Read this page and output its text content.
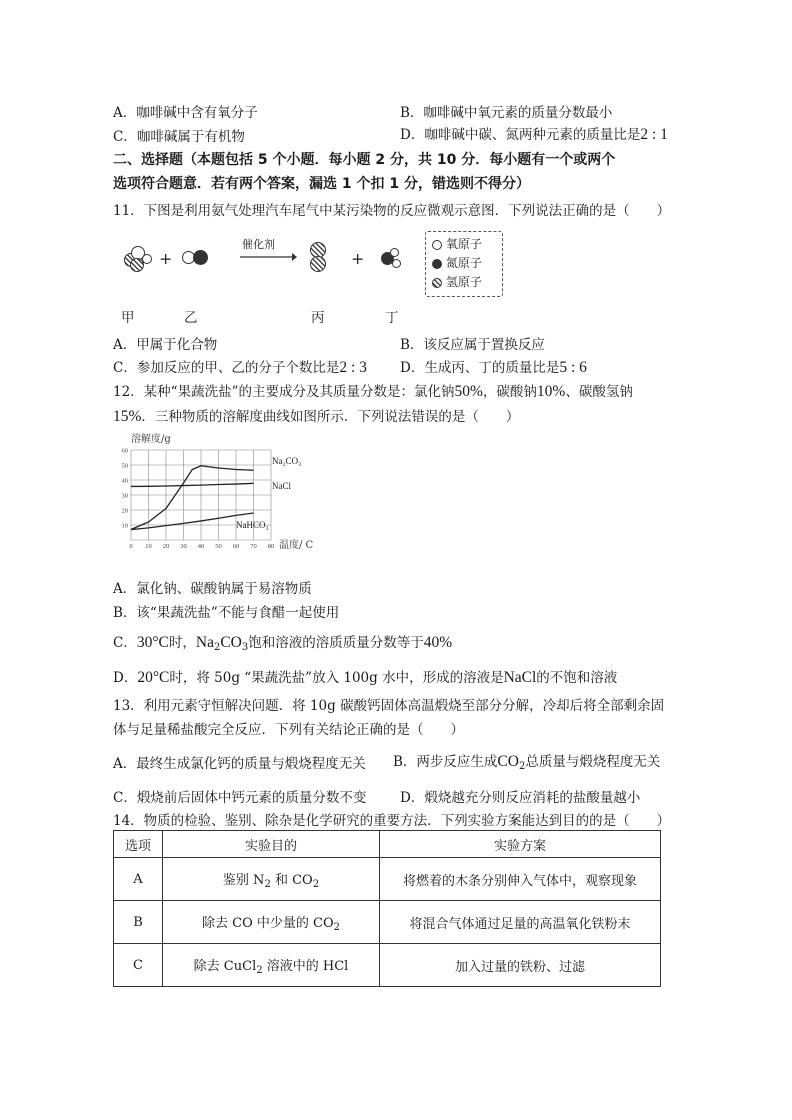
A．咖啡碱中含有氧分子	B．咖啡碱中氧元素的质量分数最小
C．咖啡碱属于有机物	D．咖啡碱中碳、氮两种元素的质量比是2 : 1
二、选择题（本题包括 5 个小题．每小题 2 分，共 10 分．每小题有一个或两个
选项符合题意．若有两个答案，漏选 1 个扣 1 分，错选则不得分）
11．下图是利用氨气处理汽车尾气中某污染物的反应微观示意图．下列说法正确的是（　　）
+
催化剂
+
氧原子
氮原子
氢原子
甲	乙	丙	丁
A．甲属于化合物	B．该反应属于置换反应
C．参加反应的甲、乙的分子个数比是2 : 3 D．生成丙、丁的质量比是5 : 6
12．某种“果蔬洗盐”的主要成分及其质量分数是：氯化钠50%，碳酸钠10%、碳酸氢钠
15%．三种物质的溶解度曲线如图所示．下列说法错误的是（　　）
溶解度/g
温度/ C
0 10 20 30 40 50 60 70 80
10
20
30
40
50
60
Na₂CO₃
NaCl
NaHCO₃
A．氯化钠、碳酸钠属于易溶物质
B．该“果蔬洗盐”不能与食醋一起使用
C．30°C时，$Na_2CO_3$饱和溶液的溶质质量分数等于40%
D．20°C时，将 50g “果蔬洗盐”放入 100g 水中，形成的溶液是NaCl的不饱和溶液
13．利用元素守恒解决问题．将 10g 碳酸钙固体高温煅烧至部分分解，冷却后将全部剩余固
体与足量稀盐酸完全反应．下列有关结论正确的是（　　）
A．最终生成氯化钙的质量与煅烧程度无关 B．两步反应生成$CO_2$总质量与煅烧程度无关
C．煅烧前后固体中钙元素的质量分数不变 D．煅烧越充分则反应消耗的盐酸量越小
14．物质的检验、鉴别、除杂是化学研究的重要方法．下列实验方案能达到目的的是（　　）
选项	实验目的	实验方案
A	鉴别 $N_2$ 和 $CO_2$	将燃着的木条分别伸入气体中，观察现象
B	除去 CO 中少量的 $CO_2$	将混合气体通过足量的高温氧化铁粉末
C	除去 CuCl$_2$ 溶液中的 HCl	加入过量的铁粉、过滤
